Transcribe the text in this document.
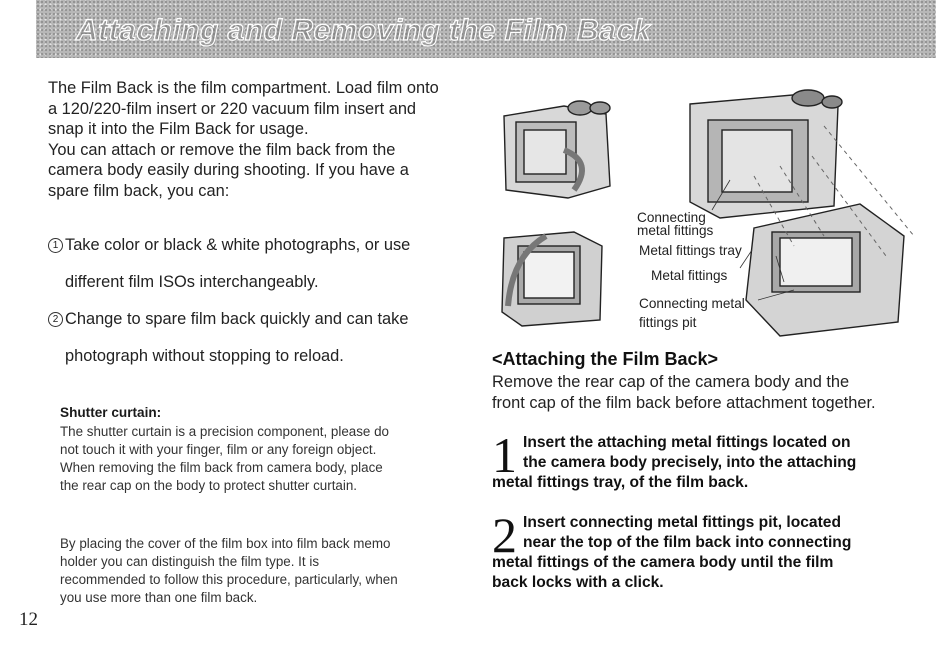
Attaching and Removing the Film Back

The Film Back is the film compartment. Load film onto

a 120/220-film insert or 220 vacuum film insert and

snap it into the Film Back for usage.

You can attach or remove the film back from the

camera body easily during shooting. If you have a

spare film back, you can:

1 Take color or black & white photographs, or use

different film ISOs interchangeably.

2 Change to spare film back quickly and can take

photograph without stopping to reload.

Shutter curtain:

The shutter curtain is a precision component, please do

not touch it with your finger, film or any foreign object.

When removing the film back from camera body, place

the rear cap on the body to protect shutter curtain.

By placing the cover of the film box into film back memo

holder you can distinguish the film type. It is

recommended to follow this procedure, particularly, when

you use more than one film back.

12
Connecting
metal fittings
Metal fittings tray
Metal fittings
Connecting metal
fittings pit
<Attaching the Film Back>

Remove the rear cap of the camera body and the

front cap of the film back before attachment together.

1 Insert the attaching metal fittings located on

the camera body precisely, into the attaching

metal fittings tray, of the film back.

2 Insert connecting metal fittings pit, located

near the top of the film back into connecting

metal fittings of the camera body until the film

back locks with a click.
